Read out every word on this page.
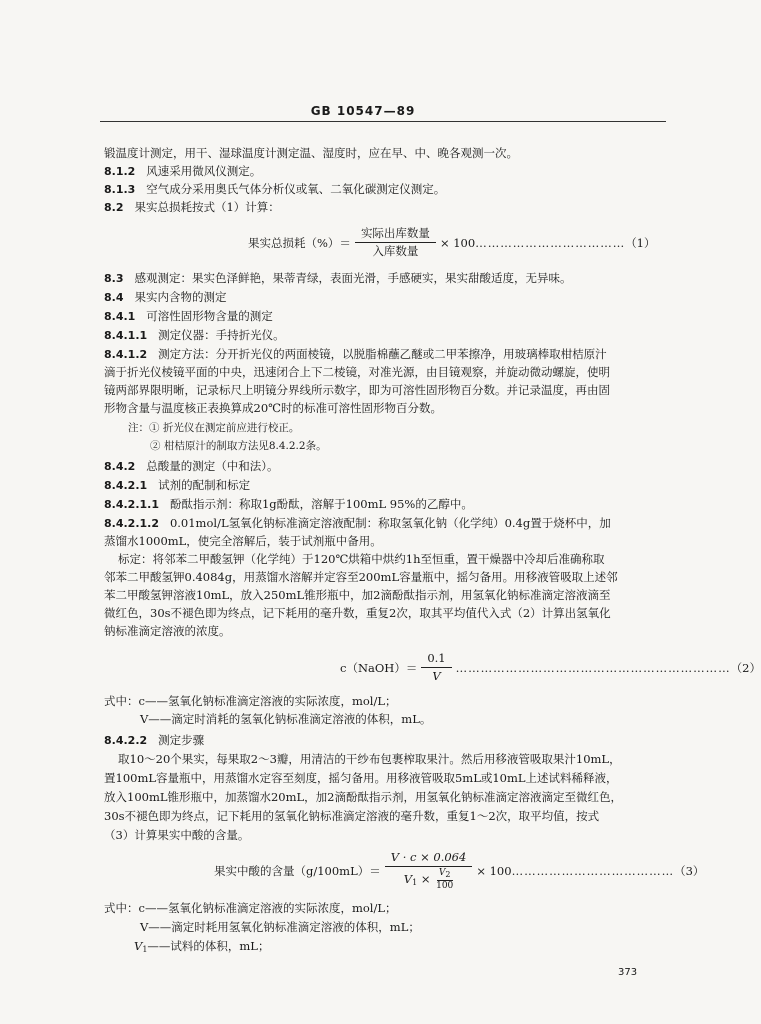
GB 10547—89
锻温度计测定，用干、湿球温度计测定温、湿度时，应在早、中、晚各观测一次。
8.1.2 风速采用微风仪测定。
8.1.3 空气成分采用奥氏气体分析仪或氧、二氧化碳测定仪测定。
8.2 果实总损耗按式（1）计算：
果实总损耗（%）＝ $\frac{\text{实际出库数量}}{\text{入库数量}} \times 100$ ……………………………… （1）
8.3 感观测定：果实色泽鲜艳，果蒂青绿，表面光滑，手感硬实，果实甜酸适度，无异味。
8.4 果实内含物的测定
8.4.1 可溶性固形物含量的测定
8.4.1.1 测定仪器：手持折光仪。
8.4.1.2 测定方法：分开折光仪的两面棱镜，以脱脂棉蘸乙醚或二甲苯擦净，用玻璃棒取柑桔原汁
滴于折光仪棱镜平面的中央，迅速闭合上下二棱镜，对准光源，由目镜观察，并旋动微动螺旋，使明
镜两部界限明晰，记录标尺上明镜分界线所示数字，即为可溶性固形物百分数。并记录温度，再由固
形物含量与温度核正表换算成20℃时的标准可溶性固形物百分数。
注：① 折光仪在测定前应进行校正。
② 柑桔原汁的制取方法见8.4.2.2条。
8.4.2 总酸量的测定（中和法）。
8.4.2.1 试剂的配制和标定
8.4.2.1.1 酚酞指示剂：称取1g酚酞，溶解于100mL 95%的乙醇中。
8.4.2.1.2 0.01mol/L氢氧化钠标准滴定溶液配制：称取氢氧化钠（化学纯）0.4g置于烧杯中，加
蒸馏水1000mL，使完全溶解后，装于试剂瓶中备用。
标定：将邻苯二甲酸氢钾（化学纯）于120℃烘箱中烘约1h至恒重，置干燥器中冷却后准确称取
邻苯二甲酸氢钾0.4084g，用蒸馏水溶解并定容至200mL容量瓶中，摇匀备用。用移液管吸取上述邻
苯二甲酸氢钾溶液10mL，放入250mL锥形瓶中，加2滴酚酞指示剂，用氢氧化钠标准滴定溶液滴至
微红色，30s不褪色即为终点，记下耗用的毫升数，重复2次，取其平均值代入式（2）计算出氢氧化
钠标准滴定溶液的浓度。
c（NaOH）＝ $\frac{0.1}{V}$ ………………………………………………………… （2）
式中：c——氢氧化钠标准滴定溶液的实际浓度，mol/L；
V——滴定时消耗的氢氧化钠标准滴定溶液的体积，mL。
8.4.2.2 测定步骤
取10～20个果实，每果取2～3瓣，用清洁的干纱布包裹榨取果汁。然后用移液管吸取果汁10mL，
置100mL容量瓶中，用蒸馏水定容至刻度，摇匀备用。用移液管吸取5mL或10mL上述试料稀释液，
放入100mL锥形瓶中，加蒸馏水20mL，加2滴酚酞指示剂，用氢氧化钠标准滴定溶液滴定至微红色，
30s不褪色即为终点，记下耗用的氢氧化钠标准滴定溶液的毫升数，重复1～2次，取平均值，按式
（3）计算果实中酸的含量。
果实中酸的含量$(g/100mL)= \frac{V \cdot c \times 0.064}{V_1 \times \frac{V2}{100}} \times 100$ ………………………………… （3）
式中：c——氢氧化钠标准滴定溶液的实际浓度，mol/L；
V——滴定时耗用氢氧化钠标准滴定溶液的体积，mL；
$V_1——$试料的体积，mL；
373
